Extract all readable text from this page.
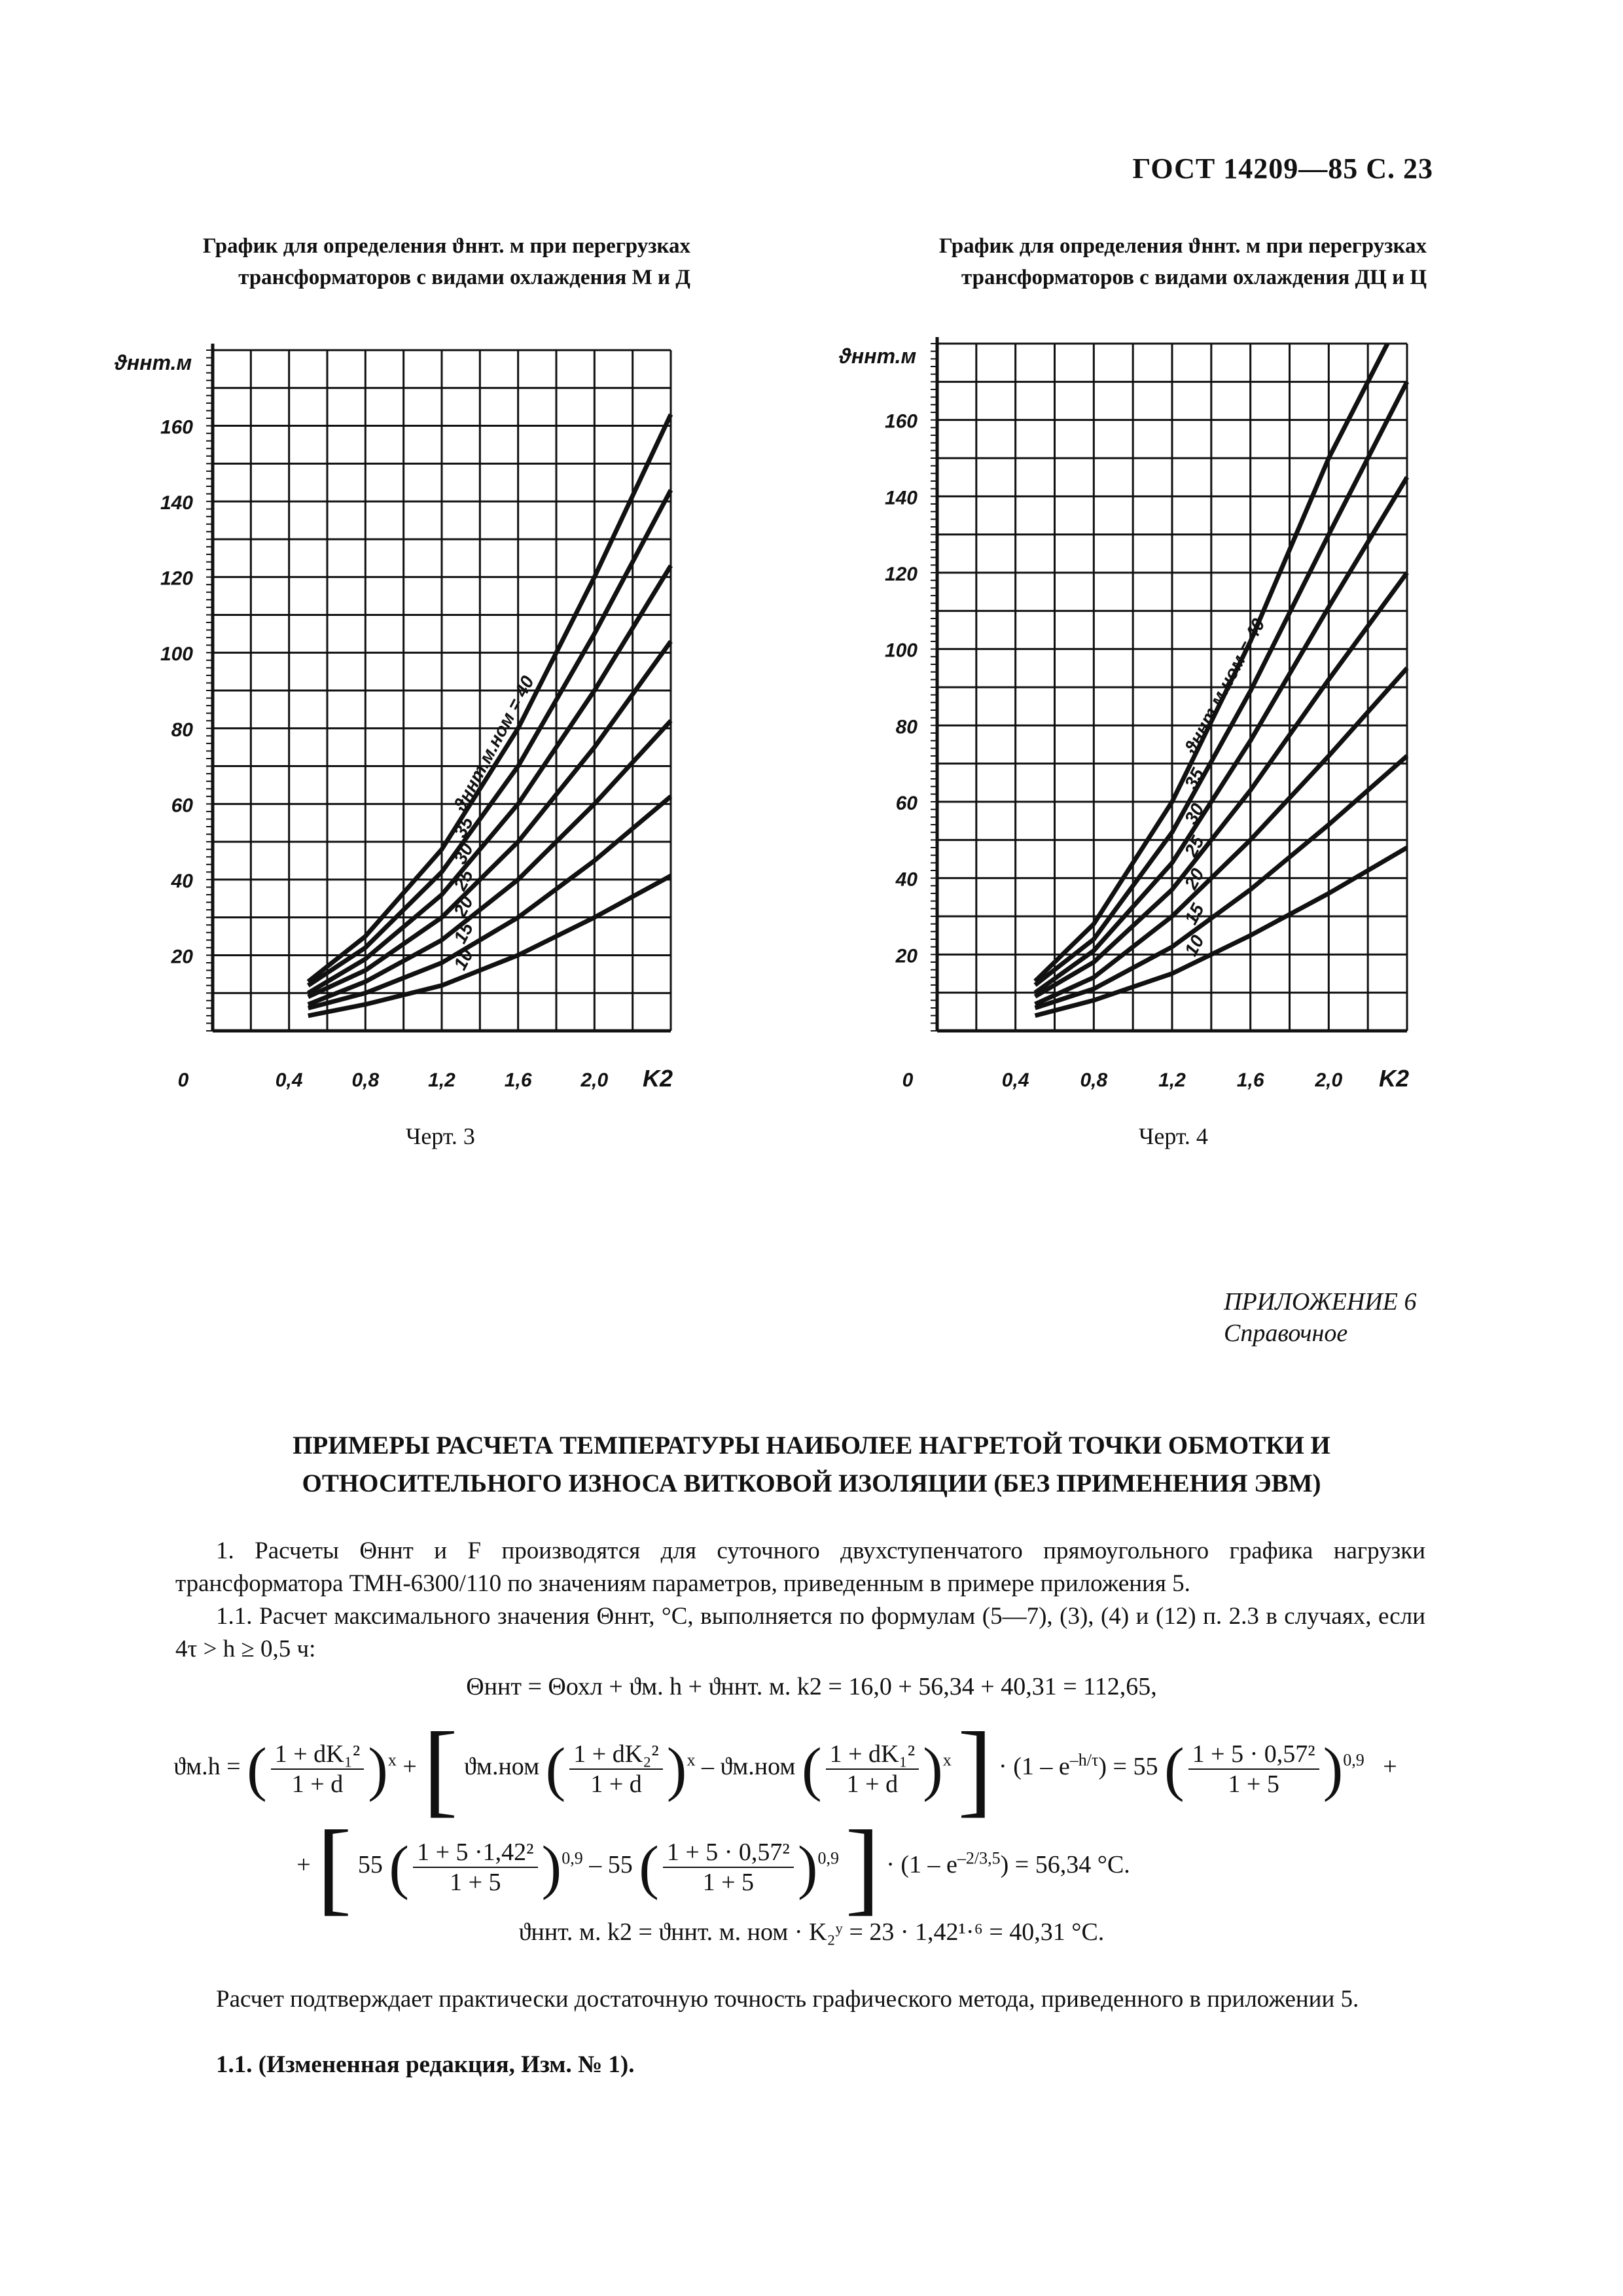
ГОСТ 14209—85 С. 23
График для определения ϑннт. м при перегрузках
трансформаторов с видами охлаждения М и Д
График для определения ϑннт. м при перегрузках
трансформаторов с видами охлаждения ДЦ и Ц
20
40
60
80
100
120
140
160
0,4 0,8 1,2 1,6 2,0
0	K2
ϑннт.м
ϑннт.м.ном = 40
35
30
25
20
15
10	20
40
60
80
100
120
140
160
0,4	0,8	1,2	1,6	2,0
0	K2
ϑннт.м
ϑннт.м.ном = 40
35
30
25
20
15
10
Черт. 3	Черт. 4
ПРИЛОЖЕНИЕ 6
Справочное
ПРИМЕРЫ РАСЧЕТА ТЕМПЕРАТУРЫ НАИБОЛЕЕ НАГРЕТОЙ ТОЧКИ ОБМОТКИ И
ОТНОСИТЕЛЬНОГО ИЗНОСА ВИТКОВОЙ ИЗОЛЯЦИИ (БЕЗ ПРИМЕНЕНИЯ ЭВМ)
1. Расчеты Θннт и F производятся для суточного двухступенчатого прямоугольного графика нагрузки трансформатора ТМН-6300/110 по значениям параметров, приведенным в примере приложения 5.
1.1. Расчет максимального значения Θннт, °С, выполняется по формулам (5—7), (3), (4) и (12) п. 2.3 в случаях, если 4τ > h ≥ 0,5 ч:
Θннт = Θохл + ϑм. h + ϑннт. м. k2 = 16,0 + 56,34 + 40,31 = 112,65,
ϑм.h = ( $\frac{\text{1 + dK₁²}}{1 + d} )^x$ + [ ϑм.ном ( $\frac{\text{1 + dK₂²}}{1 + d} )^x - ϑм.ном$ ( $\frac{\text{1 + dK₁²}}{1 + d} )^x$ ] · $(1 - e^{-h/\tau}) = 55$ ( $\frac{\text{1 + 5 · 0,57²}}{1 + 5} )^{0,9}$ +
+ [ 55 ( $\frac{\text{1 + 5 ·1,42²}}{1 + 5} )^{0,9} - 55$ ( $\frac{\text{1 + 5 · 0,57²}}{1 + 5} )^{0,9}$ ] · $(1 - e^{-2/3,5}) = 56,34$ °С.
ϑннт. м. k2 = ϑннт. м. ном · K₂ʸ = 23 · 1,42¹·⁶ = 40,31 °С.
Расчет подтверждает практически достаточную точность графического метода, приведенного в приложении 5.
1.1. (Измененная редакция, Изм. № 1).
